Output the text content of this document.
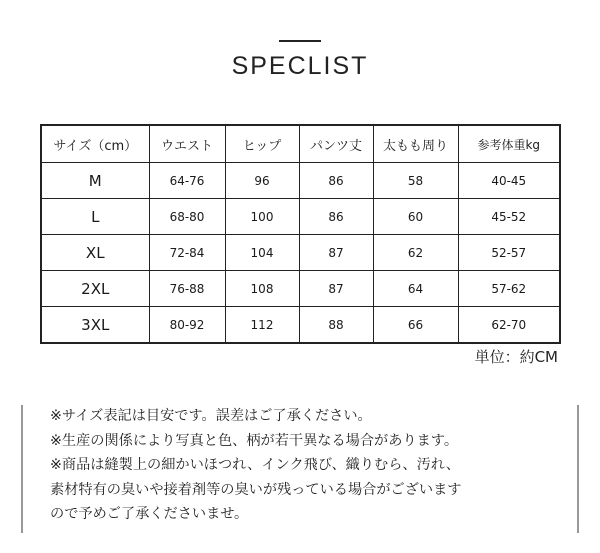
SPECLIST
サイズ（cm）	ウエスト	ヒップ	パンツ丈	太もも周り	参考体重kg
M	64-76	96	86	58	40-45
L	68-80	100	86	60	45-52
XL	72-84	104	87	62	52-57
2XL	76-88	108	87	64	57-62
3XL	80-92	112	88	66	62-70
単位：約CM
※サイズ表記は目安です。誤差はご了承ください。
※生産の関係により写真と色、柄が若干異なる場合があります。
※商品は縫製上の細かいほつれ、インク飛び、織りむら、汚れ、
素材特有の臭いや接着剤等の臭いが残っている場合がございます
ので予めご了承くださいませ。
